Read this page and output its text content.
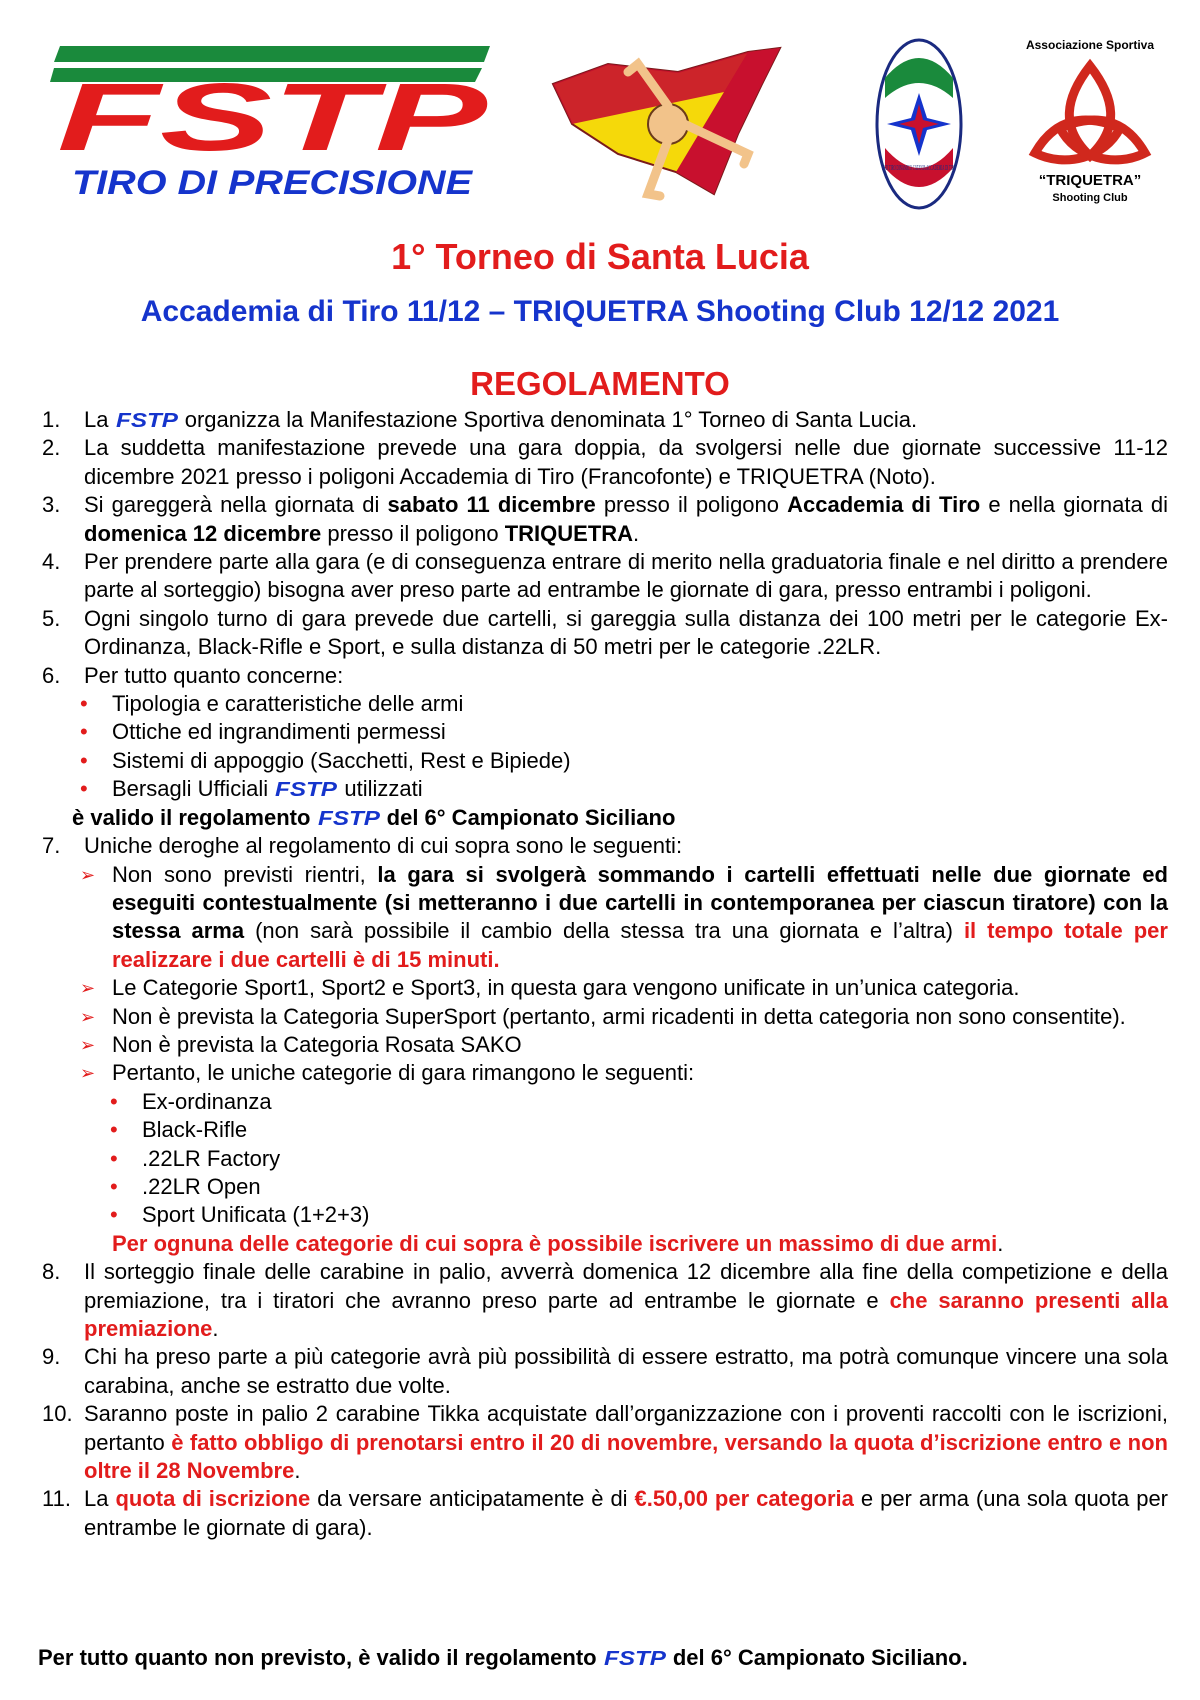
FSTP
TIRO DI PRECISIONE	ASD TIRO DINAMICO CATANIA ACCADEMIA DI TIRO
Associazione Sportiva
“TRIQUETRA”
Shooting Club
1° Torneo di Santa Lucia
Accademia di Tiro 11/12 – TRIQUETRA Shooting Club 12/12 2021
REGOLAMENTO
1. La FSTP organizza la Manifestazione Sportiva denominata 1° Torneo di Santa Lucia.
2. La suddetta manifestazione prevede una gara doppia, da svolgersi nelle due giornate successive 11-12 dicembre 2021 presso i poligoni Accademia di Tiro (Francofonte) e TRIQUETRA (Noto).
3. Si gareggerà nella giornata di sabato 11 dicembre presso il poligono Accademia di Tiro e nella giornata di domenica 12 dicembre presso il poligono TRIQUETRA.
4. Per prendere parte alla gara (e di conseguenza entrare di merito nella graduatoria finale e nel diritto a prendere parte al sorteggio) bisogna aver preso parte ad entrambe le giornate di gara, presso entrambi i poligoni.
5. Ogni singolo turno di gara prevede due cartelli, si gareggia sulla distanza dei 100 metri per le categorie Ex-Ordinanza, Black-Rifle e Sport, e sulla distanza di 50 metri per le categorie .22LR.
6. Per tutto quanto concerne:
• Tipologia e caratteristiche delle armi
• Ottiche ed ingrandimenti permessi
• Sistemi di appoggio (Sacchetti, Rest e Bipiede)
• Bersagli Ufficiali FSTP utilizzati
è valido il regolamento FSTP del 6° Campionato Siciliano
7. Uniche deroghe al regolamento di cui sopra sono le seguenti:
➢ Non sono previsti rientri, la gara si svolgerà sommando i cartelli effettuati nelle due giornate ed eseguiti contestualmente (si metteranno i due cartelli in contemporanea per ciascun tiratore) con la stessa arma (non sarà possibile il cambio della stessa tra una giornata e l’altra) il tempo totale per realizzare i due cartelli è di 15 minuti.
➢ Le Categorie Sport1, Sport2 e Sport3, in questa gara vengono unificate in un’unica categoria.
➢ Non è prevista la Categoria SuperSport (pertanto, armi ricadenti in detta categoria non sono consentite).
➢ Non è prevista la Categoria Rosata SAKO
➢ Pertanto, le uniche categorie di gara rimangono le seguenti:
• Ex-ordinanza
• Black-Rifle
• .22LR Factory
• .22LR Open
• Sport Unificata (1+2+3)
Per ognuna delle categorie di cui sopra è possibile iscrivere un massimo di due armi.
8. Il sorteggio finale delle carabine in palio, avverrà domenica 12 dicembre alla fine della competizione e della premiazione, tra i tiratori che avranno preso parte ad entrambe le giornate e che saranno presenti alla premiazione.
9. Chi ha preso parte a più categorie avrà più possibilità di essere estratto, ma potrà comunque vincere una sola carabina, anche se estratto due volte.
10. Saranno poste in palio 2 carabine Tikka acquistate dall’organizzazione con i proventi raccolti con le iscrizioni, pertanto è fatto obbligo di prenotarsi entro il 20 di novembre, versando la quota d’iscrizione entro e non oltre il 28 Novembre.
11. La quota di iscrizione da versare anticipatamente è di €.50,00 per categoria e per arma (una sola quota per entrambe le giornate di gara).
Per tutto quanto non previsto, è valido il regolamento FSTP del 6° Campionato Siciliano.
